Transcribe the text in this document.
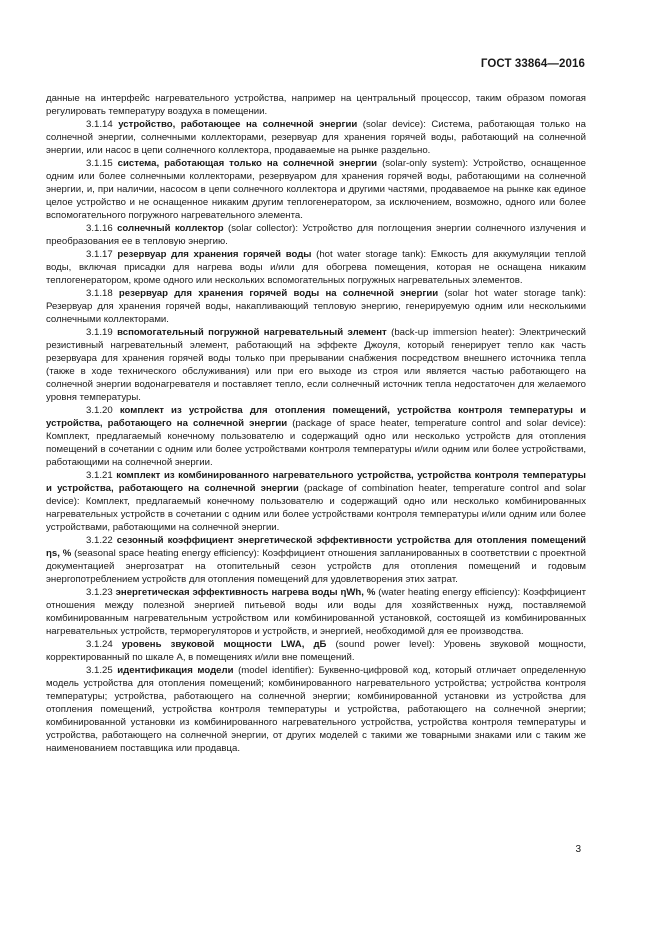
ГОСТ 33864—2016

данные на интерфейс нагревательного устройства, например на центральный процессор, таким образом помогая регулировать температуру воздуха в помещении.

3.1.14 устройство, работающее на солнечной энергии (solar device): Система, работающая только на солнечной энергии, солнечными коллекторами, резервуар для хранения горячей воды, работающий на солнечной энергии, или насос в цепи солнечного коллектора, продаваемые на рынке раздельно.

3.1.15 система, работающая только на солнечной энергии (solar-only system): Устройство, оснащенное одним или более солнечными коллекторами, резервуаром для хранения горячей воды, работающими на солнечной энергии, и, при наличии, насосом в цепи солнечного коллектора и другими частями, продаваемое на рынке как единое целое устройство и не оснащенное никаким другим теплогенератором, за исключением, возможно, одного или более вспомогательного погружного нагревательного элемента.

3.1.16 солнечный коллектор (solar collector): Устройство для поглощения энергии солнечного излучения и преобразования ее в тепловую энергию.

3.1.17 резервуар для хранения горячей воды (hot water storage tank): Емкость для аккумуляции теплой воды, включая присадки для нагрева воды и/или для обогрева помещения, которая не оснащена никаким теплогенератором, кроме одного или нескольких вспомогательных погружных нагревательных элементов.

3.1.18 резервуар для хранения горячей воды на солнечной энергии (solar hot water storage tank): Резервуар для хранения горячей воды, накапливающий тепловую энергию, генерируемую одним или несколькими солнечными коллекторами.

3.1.19 вспомогательный погружной нагревательный элемент (back-up immersion heater): Электрический резистивный нагревательный элемент, работающий на эффекте Джоуля, который генерирует тепло как часть резервуара для хранения горячей воды только при прерывании снабжения посредством внешнего источника тепла (также в ходе технического обслуживания) или при его выходе из строя или является частью работающего на солнечной энергии водонагревателя и поставляет тепло, если солнечный источник тепла недостаточен для желаемого уровня температуры.

3.1.20 комплект из устройства для отопления помещений, устройства контроля температуры и устройства, работающего на солнечной энергии (package of space heater, temperature control and solar device): Комплект, предлагаемый конечному пользователю и содержащий одно или несколько устройств для отопления помещений в сочетании с одним или более устройствами контроля температуры и/или одним или более устройствами, работающими на солнечной энергии.

3.1.21 комплект из комбинированного нагревательного устройства, устройства контроля температуры и устройства, работающего на солнечной энергии (package of combination heater, temperature control and solar device): Комплект, предлагаемый конечному пользователю и содержащий одно или несколько комбинированных нагревательных устройств в сочетании с одним или более устройствами контроля температуры и/или одним или более устройствами, работающими на солнечной энергии.

3.1.22 сезонный коэффициент энергетической эффективности устройства для отопления помещений ηs, % (seasonal space heating energy efficiency): Коэффициент отношения запланированных в соответствии с проектной документацией энергозатрат на отопительный сезон устройств для отопления помещений и годовым энергопотреблением устройств для отопления помещений для удовлетворения этих затрат.

3.1.23 энергетическая эффективность нагрева воды ηWh, % (water heating energy efficiency): Коэффициент отношения между полезной энергией питьевой воды или воды для хозяйственных нужд, поставляемой комбинированным нагревательным устройством или комбинированной установкой, состоящей из комбинированных нагревательных устройств, терморегуляторов и устройств, и энергией, необходимой для ее производства.

3.1.24 уровень звуковой мощности LWA, дБ (sound power level): Уровень звуковой мощности, корректированный по шкале А, в помещениях и/или вне помещений.

3.1.25 идентификация модели (model identifier): Буквенно-цифровой код, который отличает определенную модель устройства для отопления помещений; комбинированного нагревательного устройства; устройства контроля температуры; устройства, работающего на солнечной энергии; комбинированной установки из устройства для отопления помещений, устройства контроля температуры и устройства, работающего на солнечной энергии; комбинированной установки из комбинированного нагревательного устройства, устройства контроля температуры и устройства, работающего на солнечной энергии, от других моделей с такими же товарными знаками или с таким же наименованием поставщика или продавца.

3
